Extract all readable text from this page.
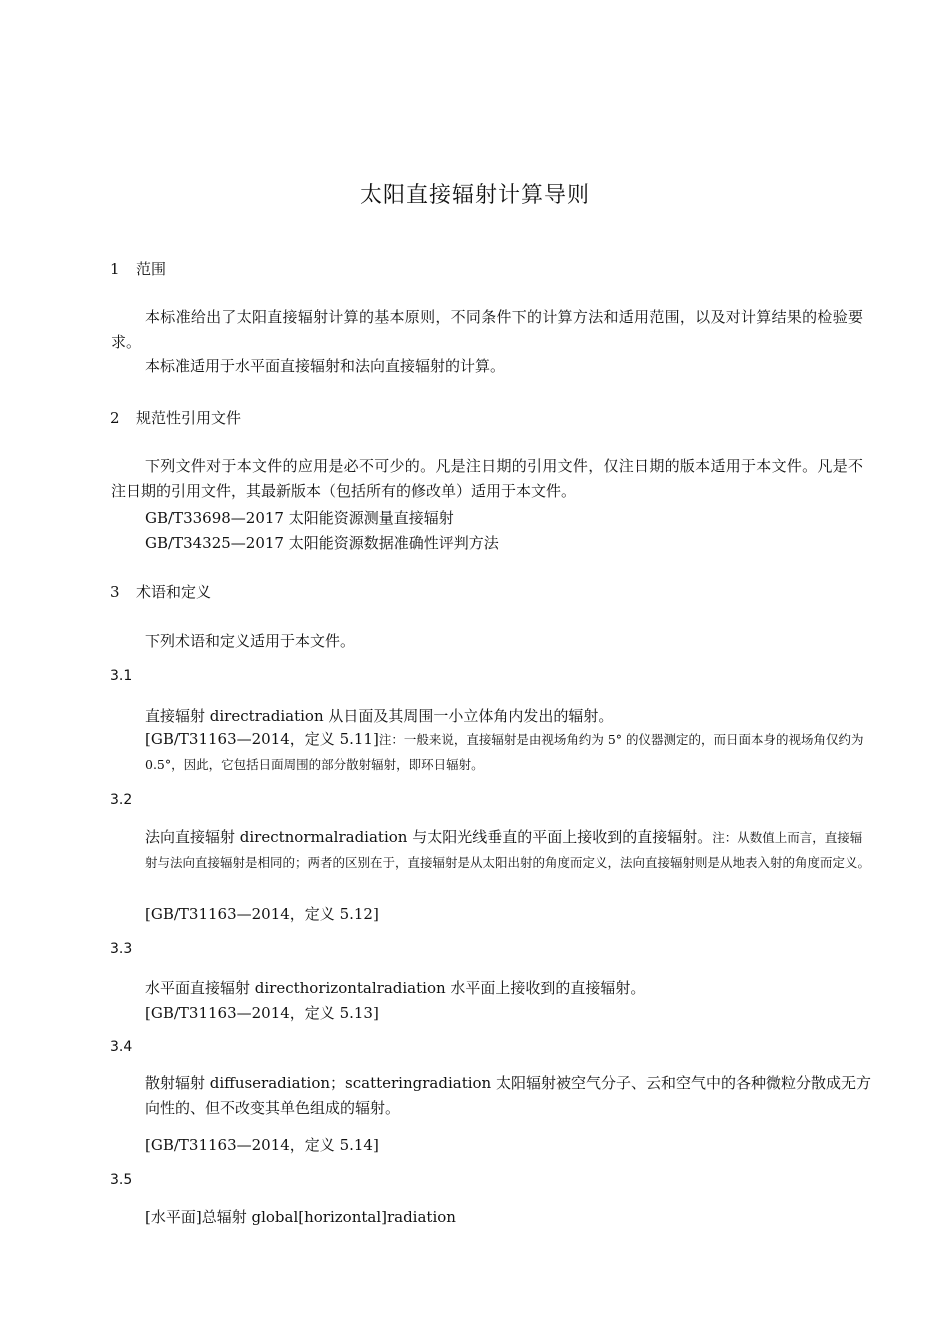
太阳直接辐射计算导则
1 范围
本标准给出了太阳直接辐射计算的基本原则，不同条件下的计算方法和适用范围，以及对计算结果的检验要求。
本标准适用于水平面直接辐射和法向直接辐射的计算。
2 规范性引用文件
下列文件对于本文件的应用是必不可少的。凡是注日期的引用文件，仅注日期的版本适用于本文件。凡是不注日期的引用文件，其最新版本（包括所有的修改单）适用于本文件。
GB/T33698—2017 太阳能资源测量直接辐射
GB/T34325—2017 太阳能资源数据准确性评判方法
3 术语和定义
下列术语和定义适用于本文件。
3.1
直接辐射 directradiation 从日面及其周围一小立体角内发出的辐射。
[GB/T31163—2014，定义 5.11]注：一般来说，直接辐射是由视场角约为 5° 的仪器测定的，而日面本身的视场角仅约为 0.5°，因此，它包括日面周围的部分散射辐射，即环日辐射。
3.2
法向直接辐射 directnormalradiation 与太阳光线垂直的平面上接收到的直接辐射。注：从数值上而言，直接辐射与法向直接辐射是相同的；两者的区别在于，直接辐射是从太阳出射的角度而定义，法向直接辐射则是从地表入射的角度而定义。
[GB/T31163—2014，定义 5.12]
3.3
水平面直接辐射 directhorizontalradiation 水平面上接收到的直接辐射。
[GB/T31163—2014，定义 5.13]
3.4
散射辐射 diffuseradiation；scatteringradiation 太阳辐射被空气分子、云和空气中的各种微粒分散成无方向性的、但不改变其单色组成的辐射。
[GB/T31163—2014，定义 5.14]
3.5
[水平面]总辐射 global[horizontal]radiation
